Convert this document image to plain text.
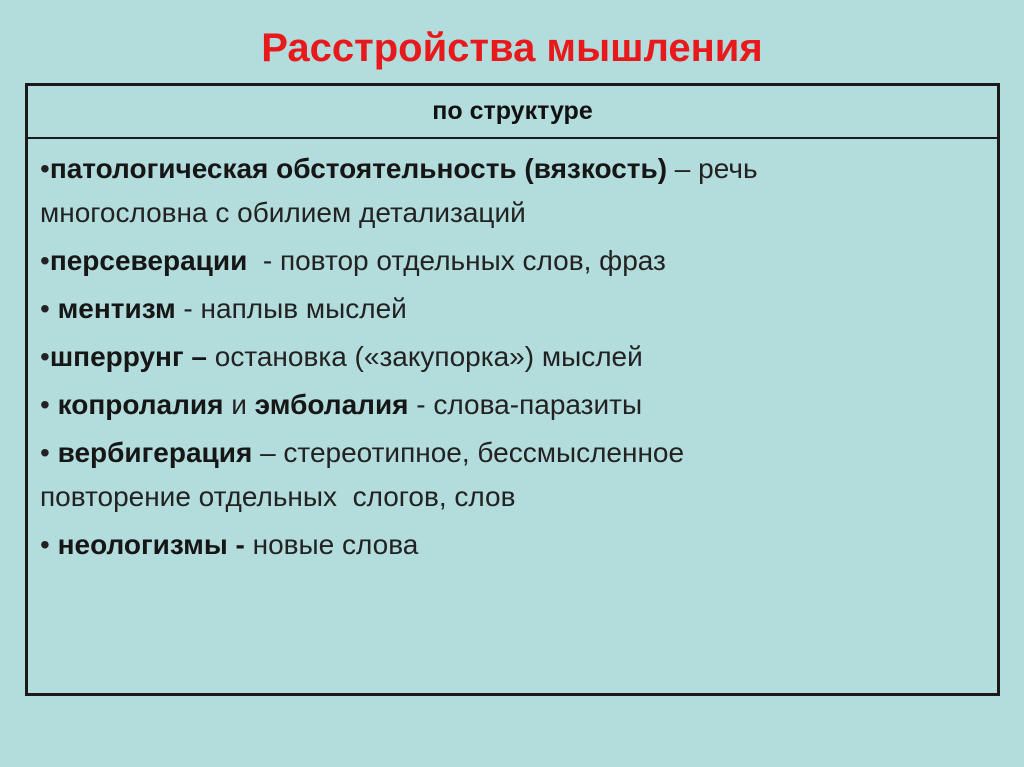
Расстройства мышления
по структуре
•патологическая обстоятельность (вязкость) – речь
многословна с обилием детализаций
•персеверации  - повтор отдельных слов, фраз
• ментизм - наплыв мыслей
•шперрунг – остановка («закупорка») мыслей
• копролалия и эмболалия - слова-паразиты
• вербигерация – стереотипное, бессмысленное
повторение отдельных  слогов, слов
• неологизмы - новые слова
